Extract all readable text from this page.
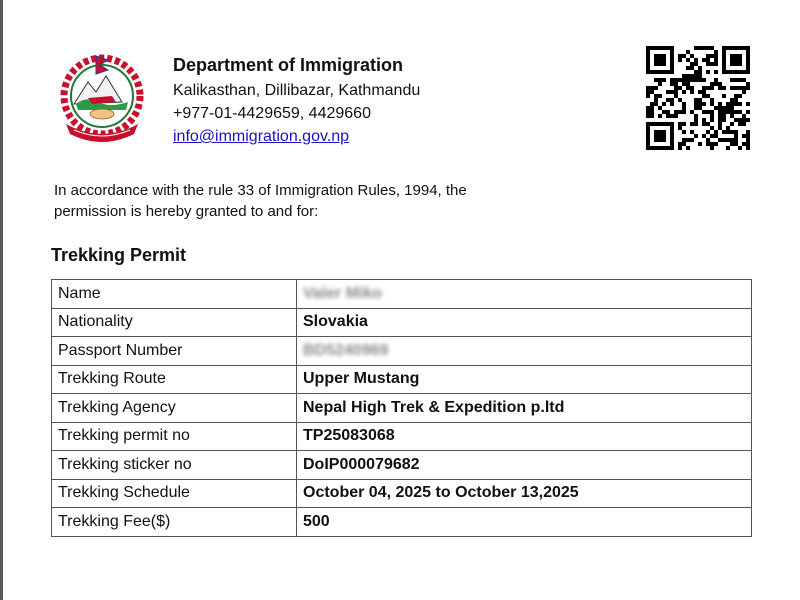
Department of Immigration
Kalikasthan, Dillibazar, Kathmandu
+977-01-4429659, 4429660
info@immigration.gov.np
In accordance with the rule 33 of Immigration Rules, 1994, the permission is hereby granted to and for:
Trekking Permit
Name	Valer Miko
Nationality	Slovakia
Passport Number	BD5240969
Trekking Route	Upper Mustang
Trekking Agency	Nepal High Trek & Expedition p.ltd
Trekking permit no	TP25083068
Trekking sticker no	DoIP000079682
Trekking Schedule	October 04, 2025 to October 13,2025
Trekking Fee($)	500
